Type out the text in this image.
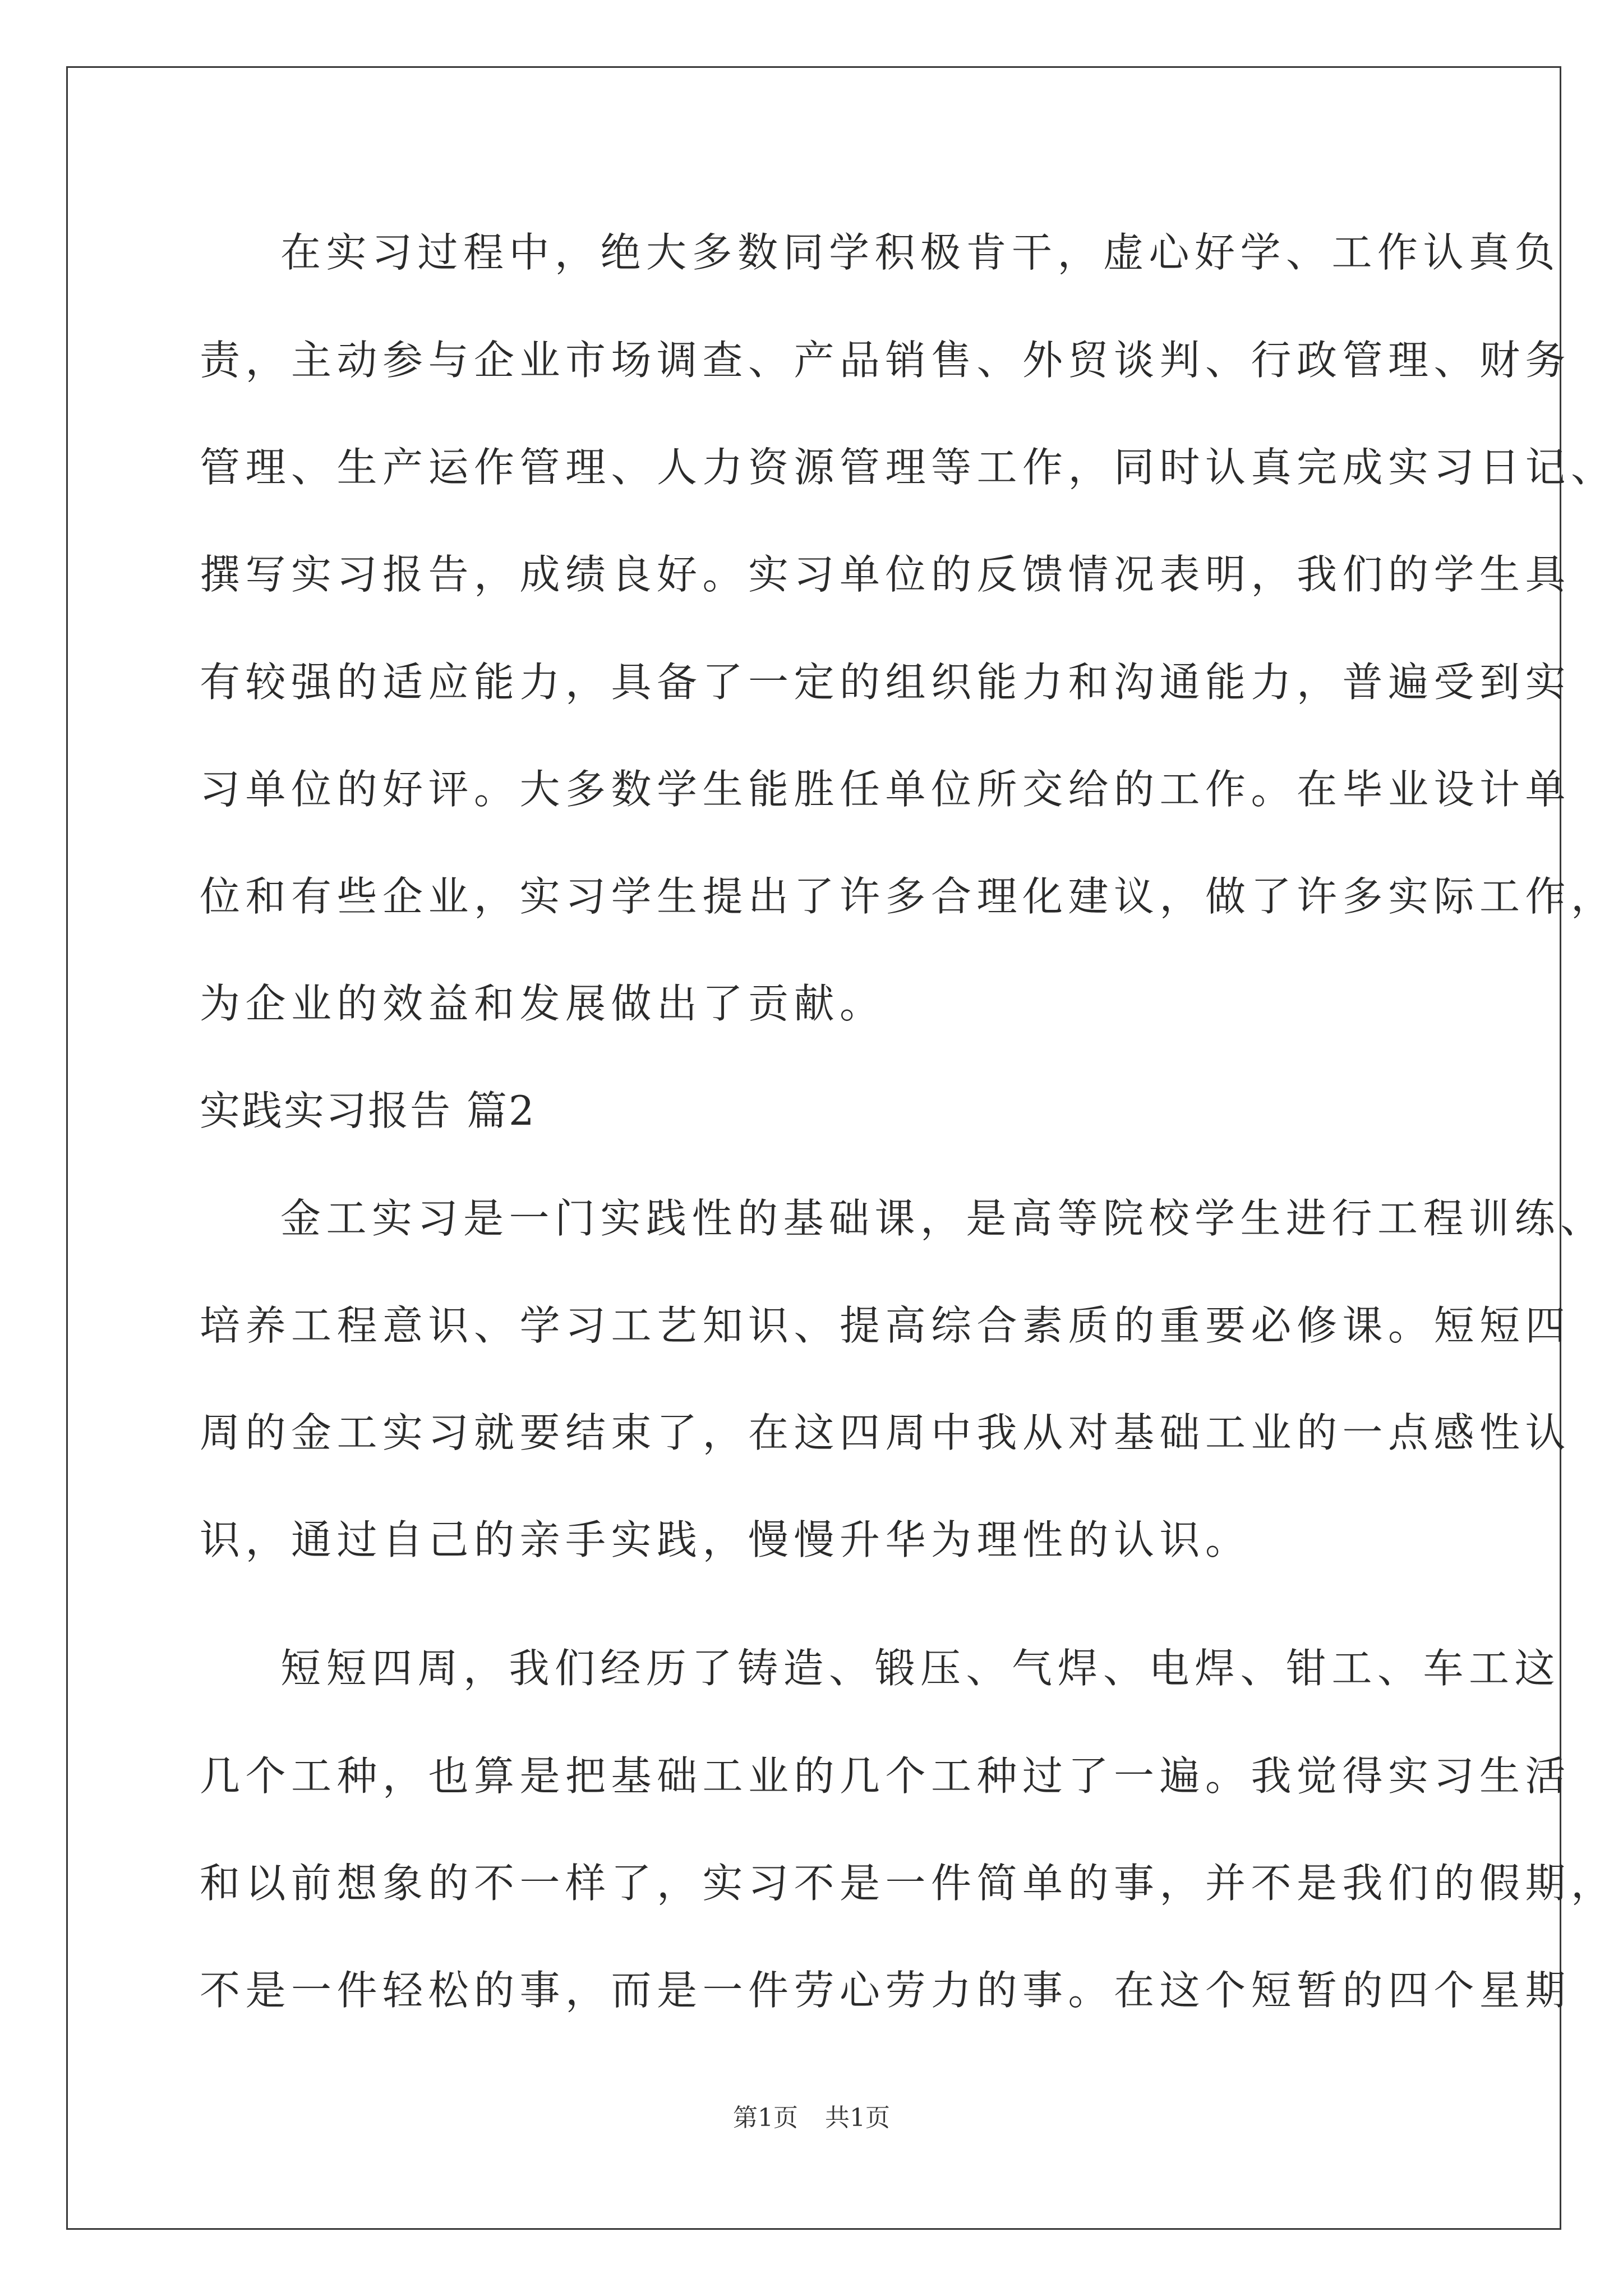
在实习过程中，绝大多数同学积极肯干，虚心好学、工作认真负
责，主动参与企业市场调查、产品销售、外贸谈判、行政管理、财务
管理、生产运作管理、人力资源管理等工作，同时认真完成实习日记、
撰写实习报告，成绩良好。实习单位的反馈情况表明，我们的学生具
有较强的适应能力，具备了一定的组织能力和沟通能力，普遍受到实
习单位的好评。大多数学生能胜任单位所交给的工作。在毕业设计单
位和有些企业，实习学生提出了许多合理化建议，做了许多实际工作，
为企业的效益和发展做出了贡献。
实践实习报告 篇2
金工实习是一门实践性的基础课，是高等院校学生进行工程训练、
培养工程意识、学习工艺知识、提高综合素质的重要必修课。短短四
周的金工实习就要结束了，在这四周中我从对基础工业的一点感性认
识，通过自己的亲手实践，慢慢升华为理性的认识。
短短四周，我们经历了铸造、锻压、气焊、电焊、钳工、车工这
几个工种，也算是把基础工业的几个工种过了一遍。我觉得实习生活
和以前想象的不一样了，实习不是一件简单的事，并不是我们的假期，
不是一件轻松的事，而是一件劳心劳力的事。在这个短暂的四个星期
第1页 共1页
